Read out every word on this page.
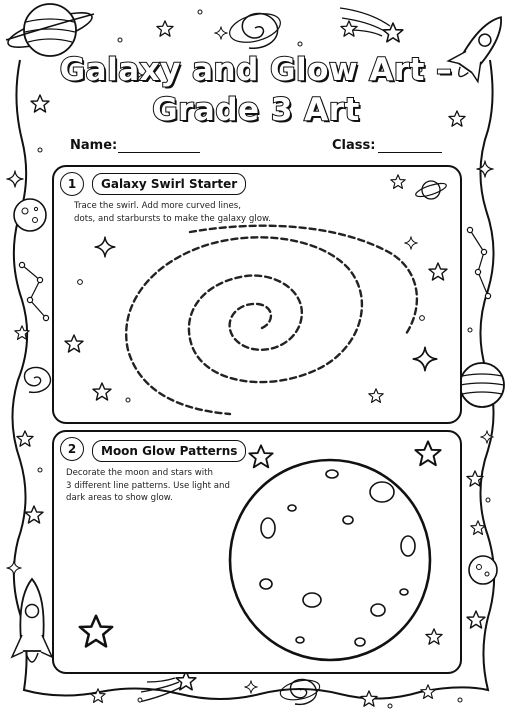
Galaxy and Glow Art –
Grade 3 Art
Name:	Class:
1	Galaxy Swirl Starter
Trace the swirl. Add more curved lines,
dots, and starbursts to make the galaxy glow.
2	Moon Glow Patterns
Decorate the moon and stars with
3 different line patterns. Use light and
dark areas to show glow.
